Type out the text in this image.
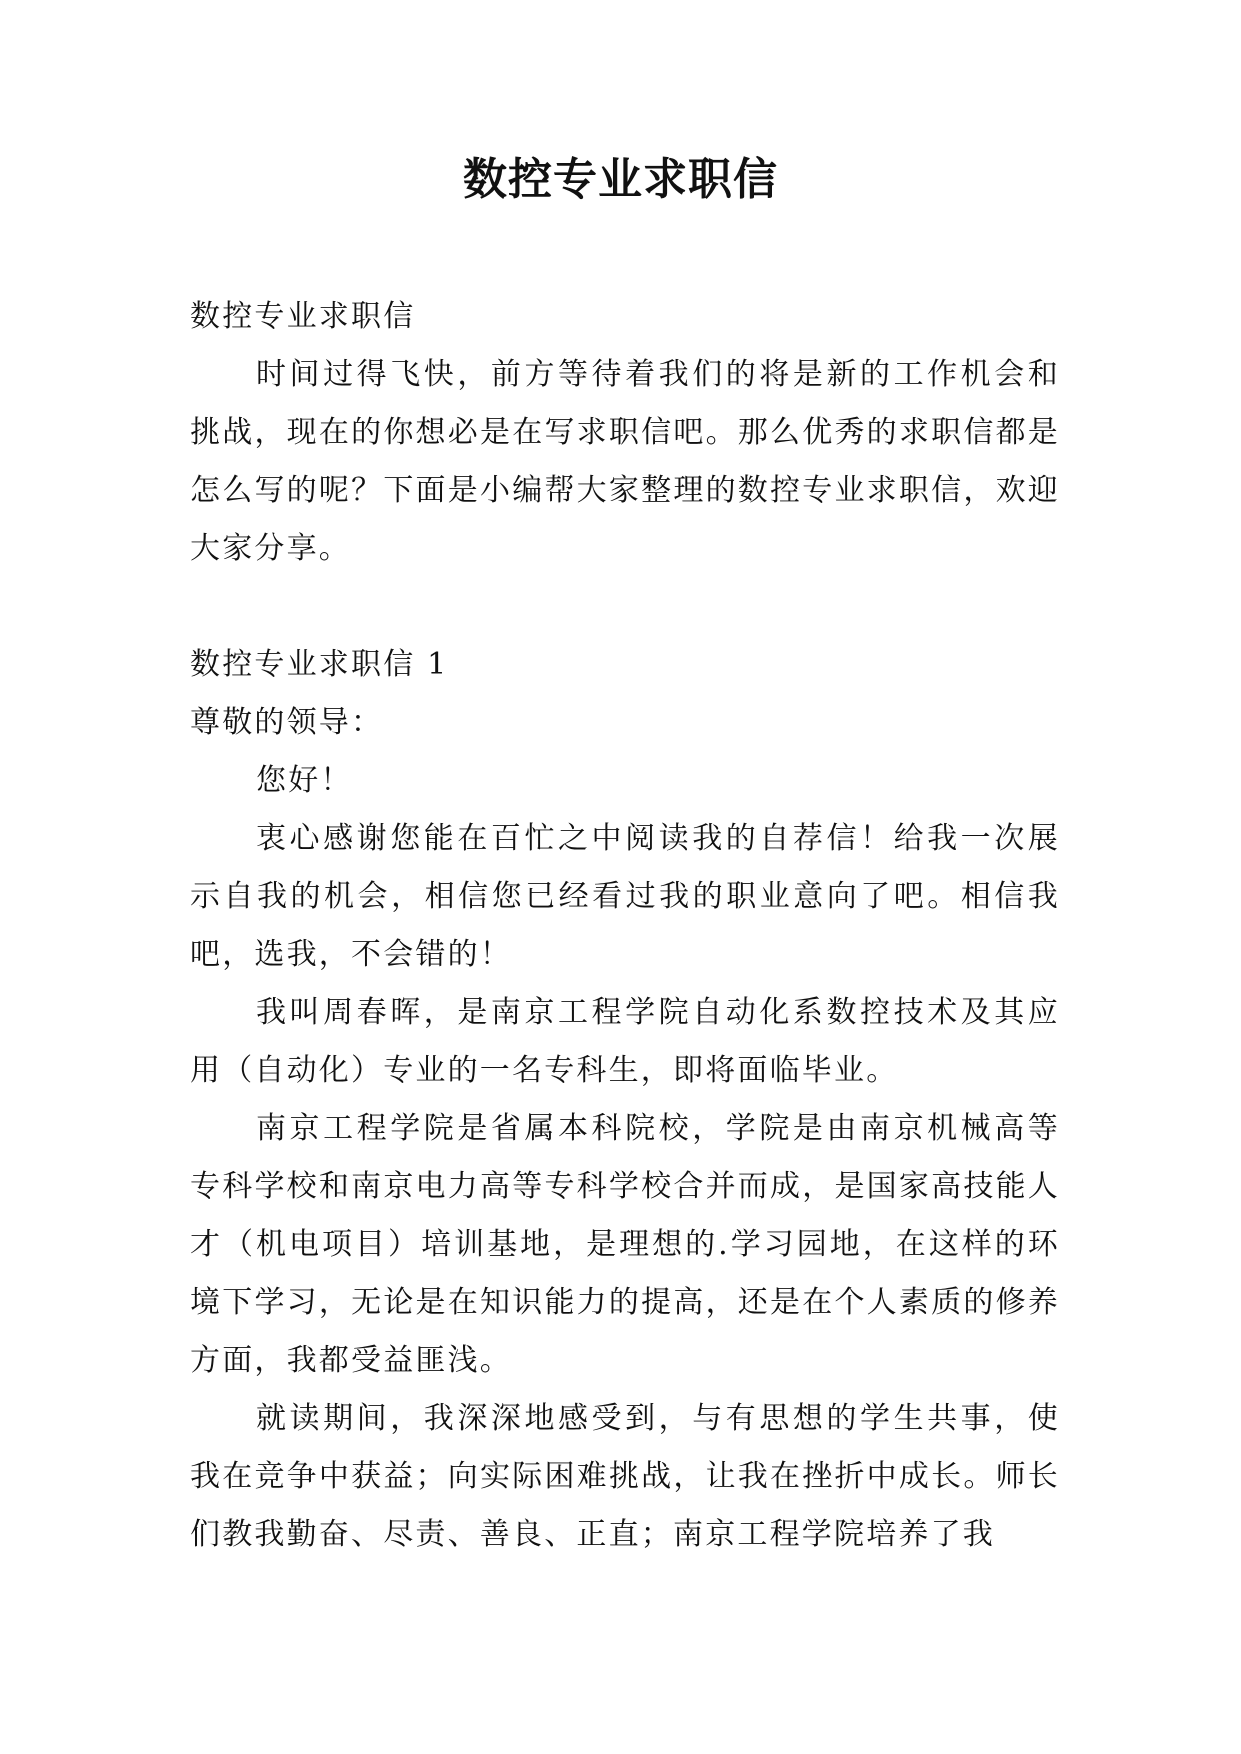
数控专业求职信

数控专业求职信

时间过得飞快，前方等待着我们的将是新的工作机会和挑战，现在的你想必是在写求职信吧。那么优秀的求职信都是怎么写的呢？下面是小编帮大家整理的数控专业求职信，欢迎大家分享。

数控专业求职信 1

尊敬的领导：

您好！

衷心感谢您能在百忙之中阅读我的自荐信！给我一次展示自我的机会，相信您已经看过我的职业意向了吧。相信我吧，选我，不会错的！

我叫周春晖，是南京工程学院自动化系数控技术及其应用（自动化）专业的一名专科生，即将面临毕业。

南京工程学院是省属本科院校，学院是由南京机械高等专科学校和南京电力高等专科学校合并而成，是国家高技能人才（机电项目）培训基地，是理想的.学习园地，在这样的环境下学习，无论是在知识能力的提高，还是在个人素质的修养方面，我都受益匪浅。

就读期间，我深深地感受到，与有思想的学生共事，使我在竞争中获益；向实际困难挑战，让我在挫折中成长。师长们教我勤奋、尽责、善良、正直；南京工程学院培养了我
